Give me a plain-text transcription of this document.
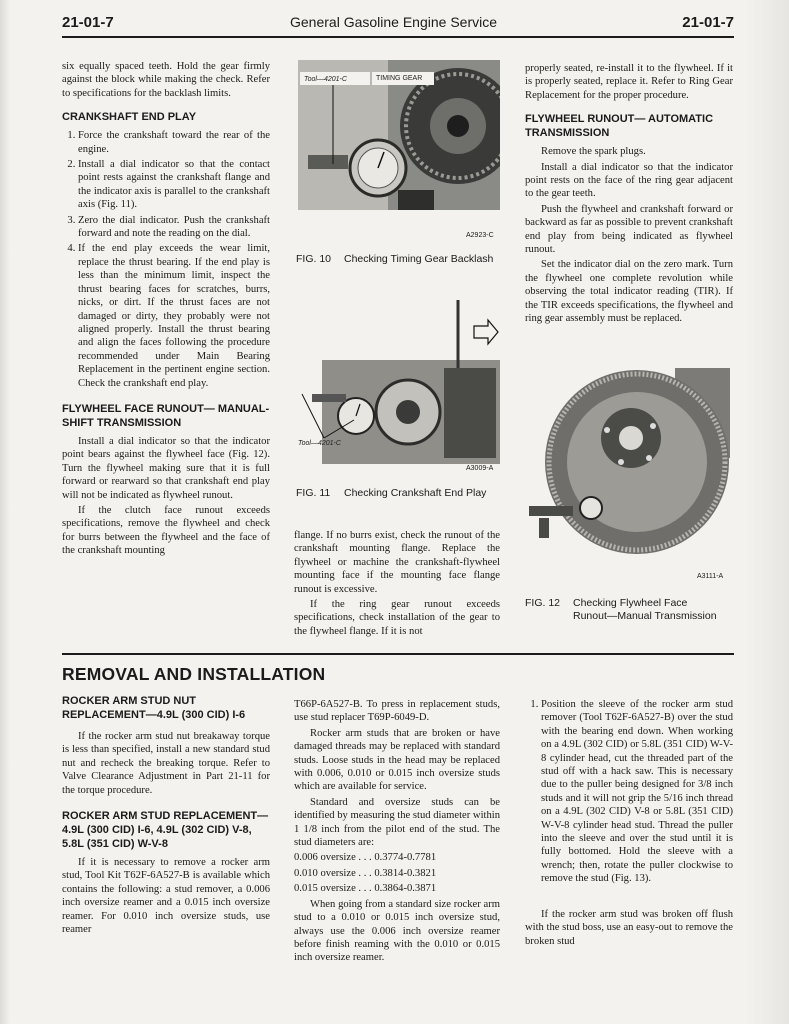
21-01-7	General Gasoline Engine Service	21-01-7

six equally spaced teeth. Hold the gear firmly against the block while making the check. Refer to specifications for the backlash limits.

CRANKSHAFT END PLAY
1. Force the crankshaft toward the rear of the engine.
2. Install a dial indicator so that the contact point rests against the crankshaft flange and the indicator axis is parallel to the crankshaft axis (Fig. 11).
3. Zero the dial indicator. Push the crankshaft forward and note the reading on the dial.
4. If the end play exceeds the wear limit, replace the thrust bearing. If the end play is less than the minimum limit, inspect the thrust bearing faces for scratches, burrs, nicks, or dirt. If the thrust faces are not damaged or dirty, they probably were not aligned properly. Install the thrust bearing and align the faces following the procedure recommended under Main Bearing Replacement in the pertinent engine section. Check the crankshaft end play.
FLYWHEEL FACE RUNOUT— MANUAL-SHIFT TRANSMISSION

Install a dial indicator so that the indicator point bears against the flywheel face (Fig. 12). Turn the flywheel making sure that it is full forward or rearward so that crankshaft end play will not be indicated as flywheel runout.

If the clutch face runout exceeds specifications, remove the flywheel and check for burrs between the flywheel and the face of the crankshaft mounting

Tool—4201-C	TIMING GEAR
A2923-C
FIG. 10 Checking Timing Gear Backlash
Tool—4201-C
A3009-A
FIG. 11 Checking Crankshaft End Play

flange. If no burrs exist, check the runout of the crankshaft mounting flange. Replace the flywheel or machine the crankshaft-flywheel mounting face if the mounting face flange runout is excessive.

If the ring gear runout exceeds specifications, check installation of the gear to the flywheel flange. If it is not

properly seated, re-install it to the flywheel. If it is properly seated, replace it. Refer to Ring Gear Replacement for the proper procedure.

FLYWHEEL RUNOUT— AUTOMATIC TRANSMISSION

Remove the spark plugs.

Install a dial indicator so that the indicator point rests on the face of the ring gear adjacent to the gear teeth.

Push the flywheel and crankshaft forward or backward as far as possible to prevent crankshaft end play from being indicated as flywheel runout.

Set the indicator dial on the zero mark. Turn the flywheel one complete revolution while observing the total indicator reading (TIR). If the TIR exceeds specifications, the flywheel and ring gear assembly must be replaced.

A3111-A
FIG. 12 Checking Flywheel Face Runout—Manual Transmission
REMOVAL AND INSTALLATION
ROCKER ARM STUD NUT REPLACEMENT—4.9L (300 CID) I-6

If the rocker arm stud nut breakaway torque is less than specified, install a new standard stud nut and recheck the breaking torque. Refer to Valve Clearance Adjustment in Part 21-11 for the torque procedure.

ROCKER ARM STUD REPLACEMENT—4.9L (300 CID) I-6, 4.9L (302 CID) V-8, 5.8L (351 CID) W-V-8

If it is necessary to remove a rocker arm stud, Tool Kit T62F-6A527-B is available which contains the following: a stud remover, a 0.006 inch oversize reamer and a 0.015 inch oversize reamer. For 0.010 inch oversize studs, use reamer

T66P-6A527-B. To press in replacement studs, use stud replacer T69P-6049-D.

Rocker arm studs that are broken or have damaged threads may be replaced with standard studs. Loose studs in the head may be replaced with 0.006, 0.010 or 0.015 inch oversize studs which are available for service.

Standard and oversize studs can be identified by measuring the stud diameter within 1 1/8 inch from the pilot end of the stud. The stud diameters are:

0.006 oversize . . . 0.3774-0.7781

0.010 oversize . . . 0.3814-0.3821

0.015 oversize . . . 0.3864-0.3871

When going from a standard size rocker arm stud to a 0.010 or 0.015 inch oversize stud, always use the 0.006 inch oversize reamer before finish reaming with the 0.010 or 0.015 inch oversize reamer.

1. Position the sleeve of the rocker arm stud remover (Tool T62F-6A527-B) over the stud with the bearing end down. When working on a 4.9L (302 CID) or 5.8L (351 CID) W-V-8 cylinder head, cut the threaded part of the stud off with a hack saw. This is necessary due to the puller being designed for 3/8 inch studs and it will not grip the 5/16 inch thread on a 4.9L (302 CID) V-8 or 5.8L (351 CID) W-V-8 cylinder head stud. Thread the puller into the sleeve and over the stud until it is fully bottomed. Hold the sleeve with a wrench; then, rotate the puller clockwise to remove the stud (Fig. 13).

If the rocker arm stud was broken off flush with the stud boss, use an easy-out to remove the broken stud
